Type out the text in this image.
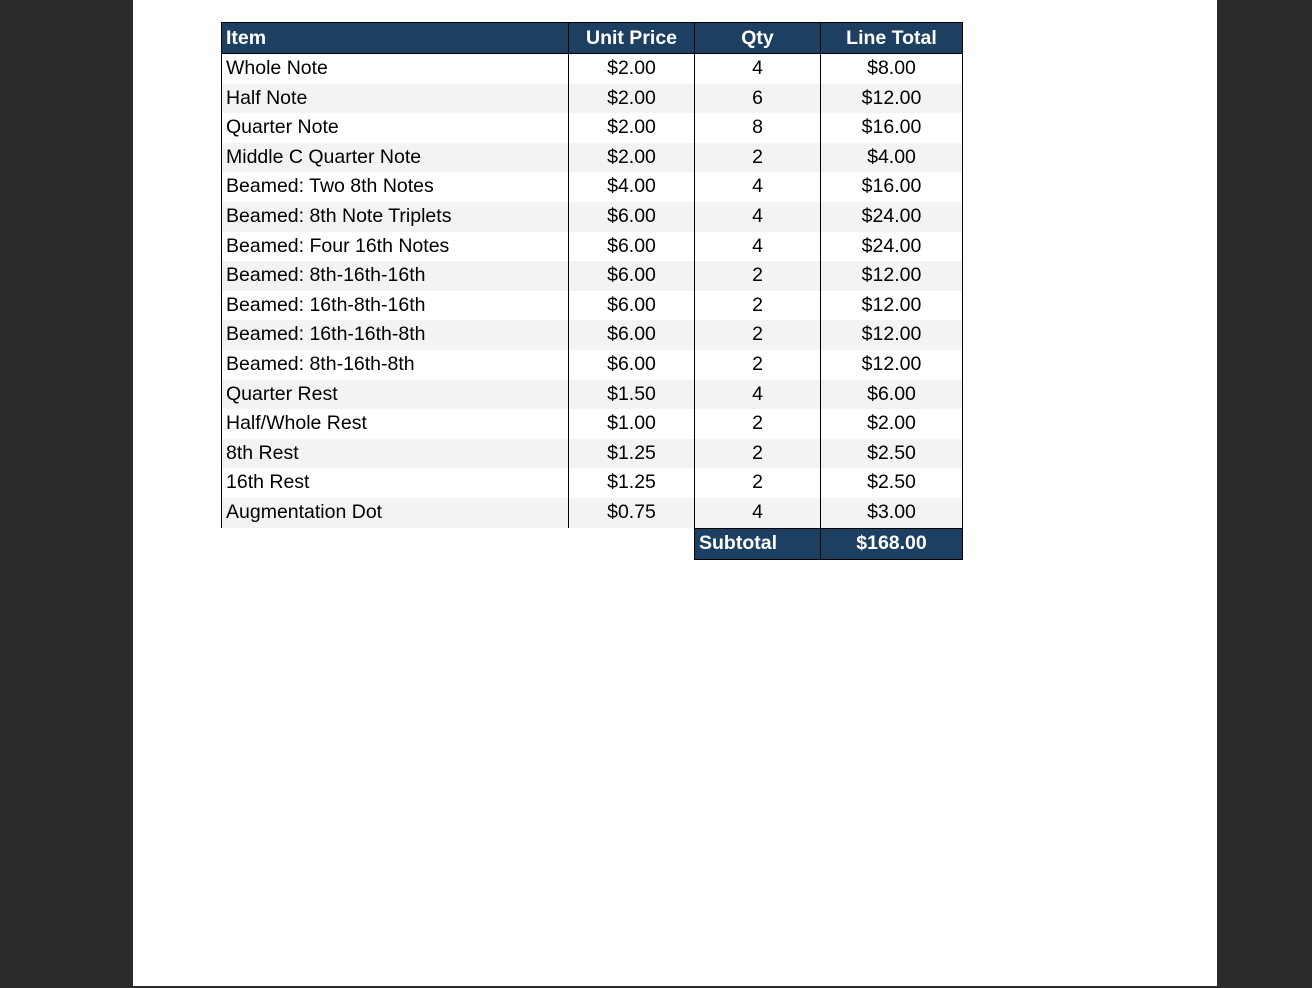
Item	Unit Price	Qty	Line Total
Whole Note	$2.00	4	$8.00
Half Note	$2.00	6	$12.00
Quarter Note	$2.00	8	$16.00
Middle C Quarter Note	$2.00	2	$4.00
Beamed: Two 8th Notes	$4.00	4	$16.00
Beamed: 8th Note Triplets	$6.00	4	$24.00
Beamed: Four 16th Notes	$6.00	4	$24.00
Beamed: 8th-16th-16th	$6.00	2	$12.00
Beamed: 16th-8th-16th	$6.00	2	$12.00
Beamed: 16th-16th-8th	$6.00	2	$12.00
Beamed: 8th-16th-8th	$6.00	2	$12.00
Quarter Rest	$1.50	4	$6.00
Half/Whole Rest	$1.00	2	$2.00
8th Rest	$1.25	2	$2.50
16th Rest	$1.25	2	$2.50
Augmentation Dot	$0.75	4	$3.00
		Subtotal	$168.00
